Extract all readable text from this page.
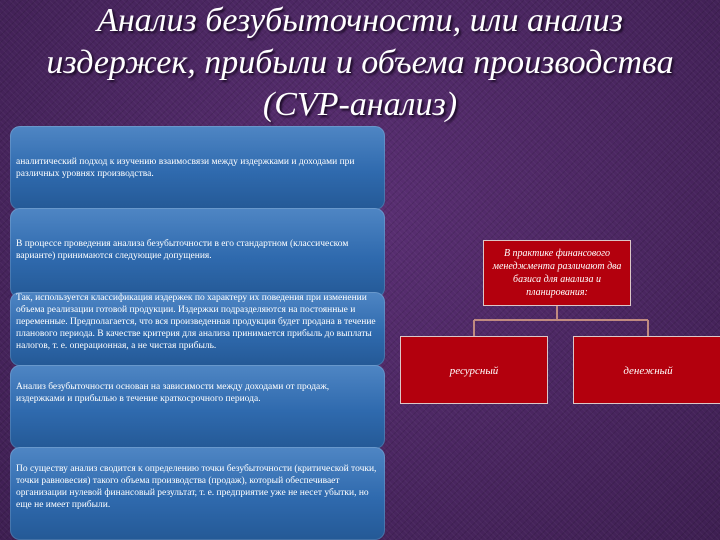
Анализ безубыточности, или анализ издержек, прибыли и объема производства (CVP-анализ)
аналитический подход к изучению взаимосвязи между издержками и доходами при различных уровнях производства.
В процессе проведения анализа безубыточности в его стандартном (классическом варианте) принимаются следующие допущения.
Так, используется классификация издержек по характеру их поведения при изменении объема реализации готовой продукции. Издержки подразделяются на постоянные и переменные. Предполагается, что вся произведенная продукция будет продана в течение планового периода. В качестве критерия для анализа принимается прибыль до выплаты налогов, т. е. операционная, а не чистая прибыль.
Анализ безубыточности основан на зависимости между доходами от продаж, издержками и прибылью в течение краткосрочного периода.
По существу анализ сводится к определению точки безубыточности (критической точки, точки равновесия) такого объема производства (продаж), который обеспечивает организации нулевой финансовый результат, т. е. предприятие уже не несет убытки, но еще не имеет прибыли.
В практике финансового менеджмента различают два базиса для анализа и планирования:
ресурсный	денежный
